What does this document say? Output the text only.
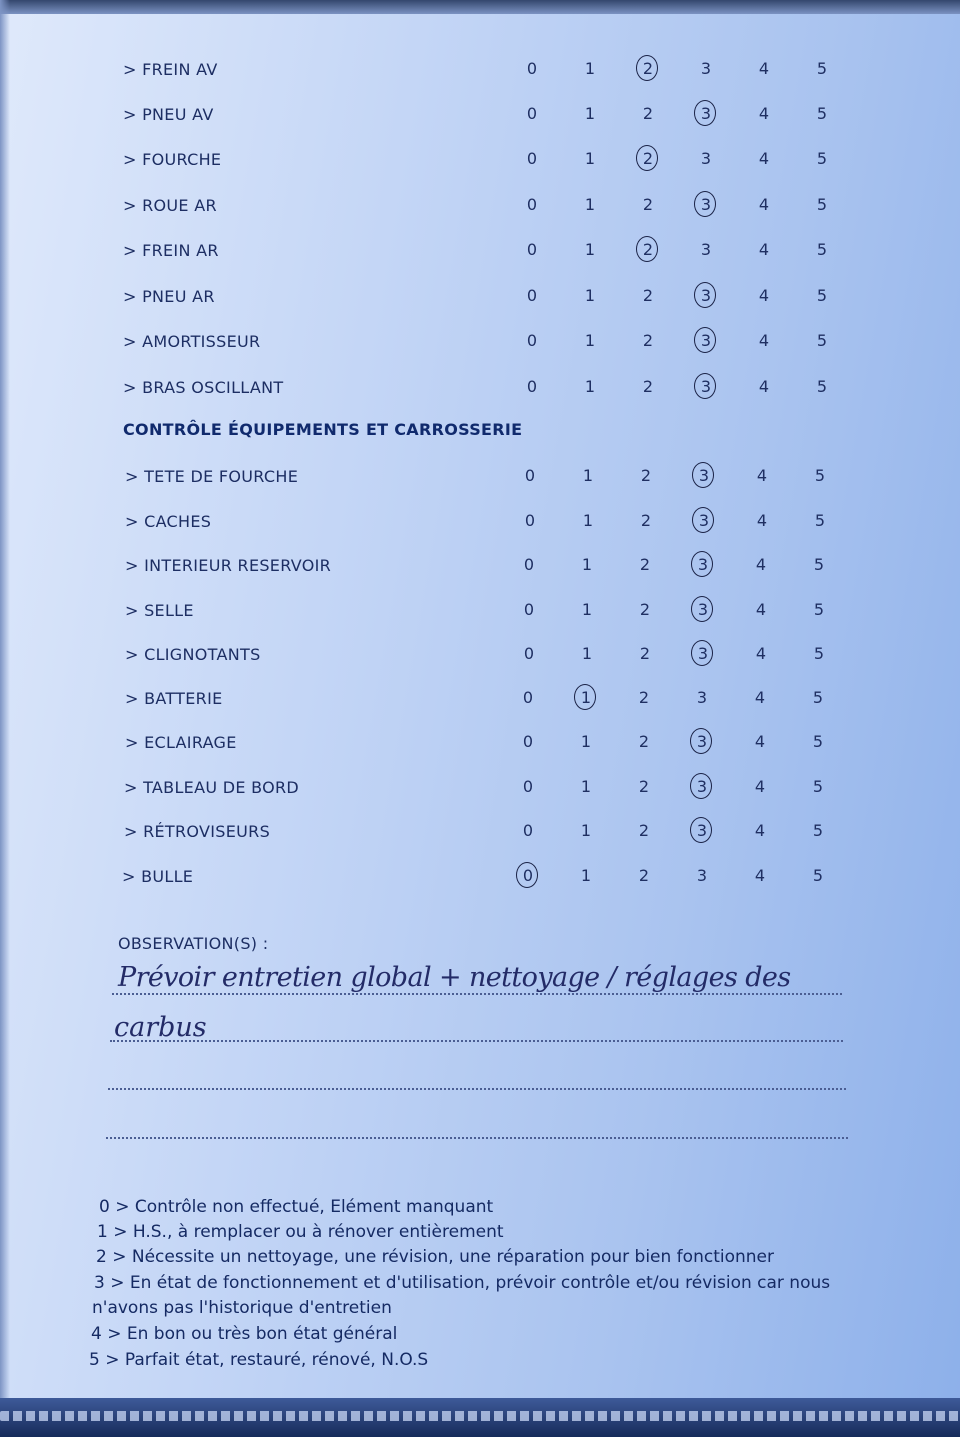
> FREIN AV	0	1	2	3	4	5
> PNEU AV	0	1	2	3	4	5
> FOURCHE	0	1	2	3	4	5
> ROUE AR	0	1	2	3	4	5
> FREIN AR	0	1	2	3	4	5
> PNEU AR	0	1	2	3	4	5
> AMORTISSEUR	0	1	2	3	4	5
> BRAS OSCILLANT	0	1	2	3	4	5
> TETE DE FOURCHE	0	1	2	3	4	5
> CACHES	0	1	2	3	4	5
> INTERIEUR RESERVOIR	0	1	2	3	4	5
> SELLE	0	1	2	3	4	5
> CLIGNOTANTS	0	1	2	3	4	5
> BATTERIE	0	1	2	3	4	5
> ECLAIRAGE	0	1	2	3	4	5
> TABLEAU DE BORD	0	1	2	3	4	5
> RÉTROVISEURS	0	1	2	3	4	5
> BULLE	0	1	2	3	4	5
CONTRÔLE ÉQUIPEMENTS ET CARROSSERIE
OBSERVATION(S) :
Prévoir entretien global + nettoyage / réglages des
carbus
0 > Contrôle non effectué, Elément manquant
1 > H.S., à remplacer ou à rénover entièrement
2 > Nécessite un nettoyage, une révision, une réparation pour bien fonctionner
3 > En état de fonctionnement et d'utilisation, prévoir contrôle et/ou révision car nous
n'avons pas l'historique d'entretien
4 > En bon ou très bon état général
5 > Parfait état, restauré, rénové, N.O.S
